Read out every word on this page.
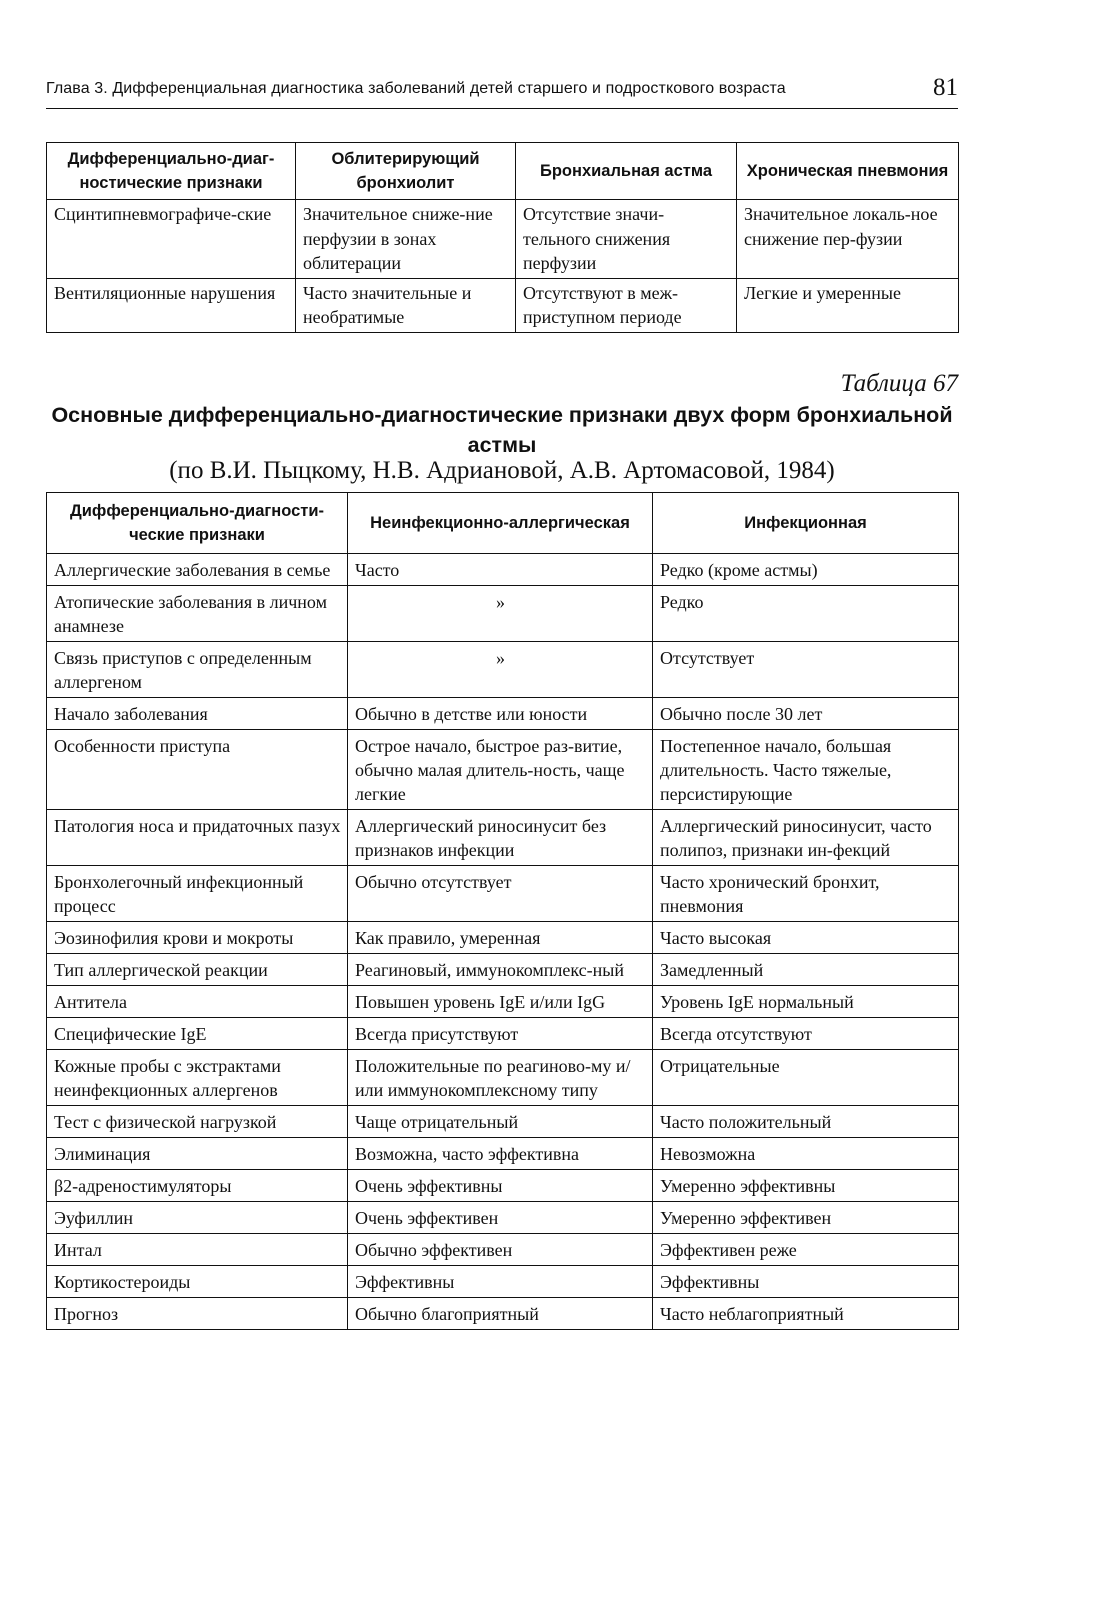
Глава 3. Дифференциальная диагностика заболеваний детей старшего и подросткового возраста	81
Дифференциально-диаг-ностические признаки	Облитерирующий бронхиолит	Бронхиальная астма	Хроническая пневмония
Сцинтипневмографиче-ские	Значительное сниже-ние перфузии в зонах облитерации	Отсутствие значи-тельного снижения перфузии	Значительное локаль-ное снижение пер-фузии
Вентиляционные нарушения	Часто значительные и необратимые	Отсутствуют в меж-приступном периоде	Легкие и умеренные
Таблица 67
Основные дифференциально-диагностические признаки двух форм бронхиальной астмы
(по В.И. Пыцкому, Н.В. Адриановой, А.В. Артомасовой, 1984)
Дифференциально-диагности-ческие признаки	Неинфекционно-аллергическая	Инфекционная
Аллергические заболевания в семье	Часто	Редко (кроме астмы)
Атопические заболевания в личном анамнезе	»	Редко
Связь приступов с определенным аллергеном	»	Отсутствует
Начало заболевания	Обычно в детстве или юности	Обычно после 30 лет
Особенности приступа	Острое начало, быстрое раз-витие, обычно малая длитель-ность, чаще легкие	Постепенное начало, большая длительность. Часто тяжелые, персистирующие
Патология носа и придаточных пазух	Аллергический риносинусит без признаков инфекции	Аллергический риносинусит, часто полипоз, признаки ин-фекций
Бронхолегочный инфекционный процесс	Обычно отсутствует	Часто хронический бронхит, пневмония
Эозинофилия крови и мокроты	Как правило, умеренная	Часто высокая
Тип аллергической реакции	Реагиновый, иммунокомплекс-ный	Замедленный
Антитела	Повышен уровень IgE и/или IgG	Уровень IgE нормальный
Специфические IgE	Всегда присутствуют	Всегда отсутствуют
Кожные пробы с экстрактами неинфекционных аллергенов	Положительные по реагиново-му и/или иммунокомплексному типу	Отрицательные
Тест с физической нагрузкой	Чаще отрицательный	Часто положительный
Элиминация	Возможна, часто эффективна	Невозможна
β2-адреностимуляторы	Очень эффективны	Умеренно эффективны
Эуфиллин	Очень эффективен	Умеренно эффективен
Интал	Обычно эффективен	Эффективен реже
Кортикостероиды	Эффективны	Эффективны
Прогноз	Обычно благоприятный	Часто неблагоприятный
